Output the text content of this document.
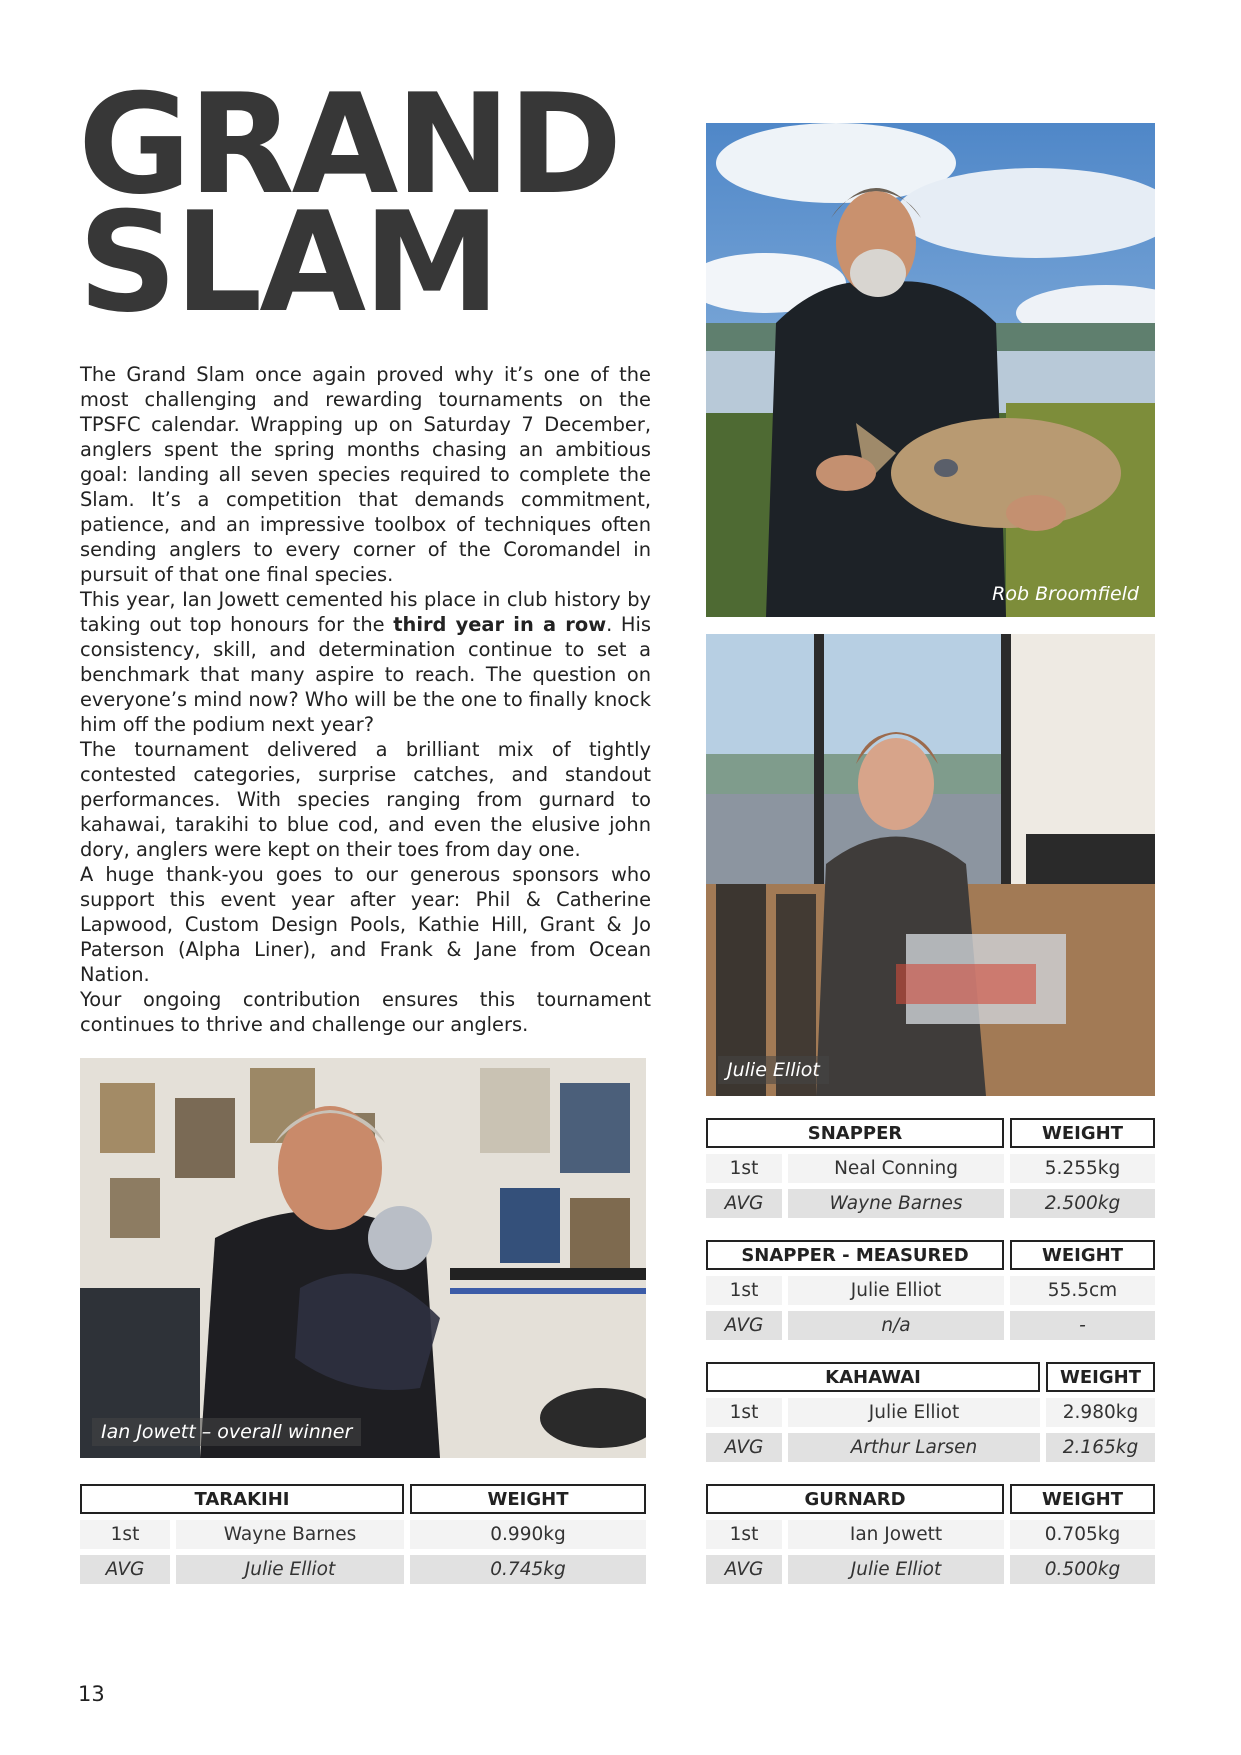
GRAND
SLAM

The Grand Slam once again proved why it’s one of the most challenging and rewarding tournaments on the TPSFC calendar. Wrapping up on Saturday 7 December, anglers spent the spring months chasing an ambitious goal: landing all seven species required to complete the Slam. It’s a competition that demands commitment, patience, and an impressive toolbox of techniques often sending anglers to every corner of the Coromandel in pursuit of that one final species.

This year, Ian Jowett cemented his place in club history by taking out top honours for the third year in a row. His consistency, skill, and determination continue to set a benchmark that many aspire to reach. The question on everyone’s mind now? Who will be the one to finally knock him off the podium next year?

The tournament delivered a brilliant mix of tightly contested categories, surprise catches, and standout performances. With species ranging from gurnard to kahawai, tarakihi to blue cod, and even the elusive john dory, anglers were kept on their toes from day one.

A huge thank-you goes to our generous sponsors who support this event year after year: Phil & Catherine Lapwood, Custom Design Pools, Kathie Hill, Grant & Jo Paterson (Alpha Liner), and Frank & Jane from Ocean Nation.

Your ongoing contribution ensures this tournament continues to thrive and challenge our anglers.

Rob Broomfield
Julie Elliot
Ian Jowett – overall winner
SNAPPER	WEIGHT
1st	Neal Conning	5.255kg
AVG	Wayne Barnes	2.500kg
SNAPPER - MEASURED	WEIGHT
1st	Julie Elliot	55.5cm
AVG	n/a	-
KAHAWAI	WEIGHT
1st	Julie Elliot	2.980kg
AVG	Arthur Larsen	2.165kg
GURNARD	WEIGHT
1st	Ian Jowett	0.705kg
AVG	Julie Elliot	0.500kg
TARAKIHI	WEIGHT
1st	Wayne Barnes	0.990kg
AVG	Julie Elliot	0.745kg
13
